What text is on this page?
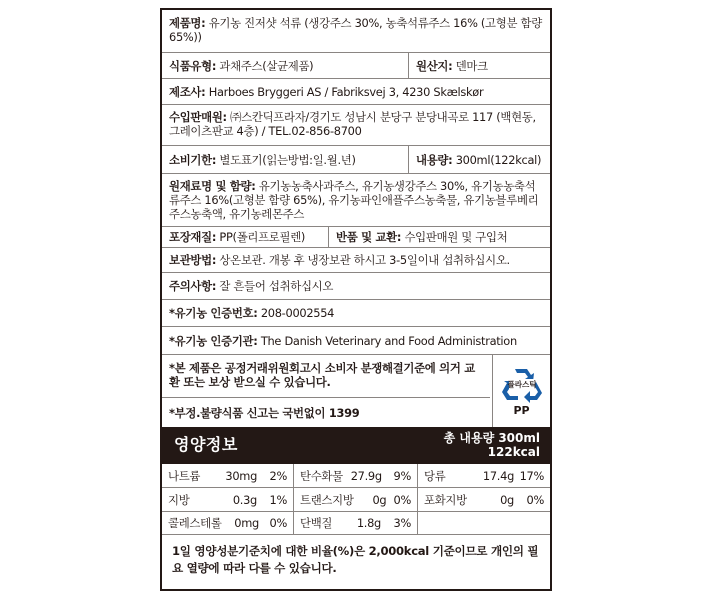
제품명: 유기농 진저샷 석류 (생강주스 30%, 농축석류주스 16% (고형분 함량 65%))
식품유형:
과채주스(살균제품)	원산지:
덴마크
제조사:
Harboes Bryggeri AS / Fabriksvej 3, 4230 Skælskør
수입판매원: ㈜스칸딕프라자/경기도 성남시 분당구 분당내곡로 117 (백현동,그레이츠판교 4층) / TEL.02-856-8700
소비기한:
별도표기(읽는방법:일.월.년)	내용량:
300ml(122kcal)
원재료명 및 함량: 유기농농축사과주스, 유기농생강주스 30%, 유기농농축석류주스 16%(고형분 함량 65%), 유기농파인애플주스농축물, 유기농블루베리주스농축액, 유기농레몬주스
포장재질:
PP(폴리프로필렌)	반품 및 교환:
수입판매원 및 구입처
보관방법:
상온보관. 개봉 후 냉장보관 하시고 3-5일이내 섭취하십시오.
주의사항:
잘 흔들어 섭취하십시오
*유기농 인증번호:
208-0002554
*유기농 인증기관:
The Danish Veterinary and Food Administration
*본 제품은 공정거래위원회고시 소비자 분쟁해결기준에 의거 교환 또는 보상 받으실 수 있습니다.
*부정.불량식품 신고는 국번없이 1399
플라스틱
PP
영양정보	총 내용량 300ml
122kcal
나트륨	30mg	2% 탄수화물 27.9g	9% 당류	17.4g 17%
지방	0.3g	1% 트랜스지방	0g 0% 포화지방	0g	0%
콜레스테롤	0mg 0% 단백질	1.8g	3%
1일 영양성분기준치에 대한 비율(%)은 2,000kcal 기준이므로 개인의 필요 열량에 따라 다를 수 있습니다.
